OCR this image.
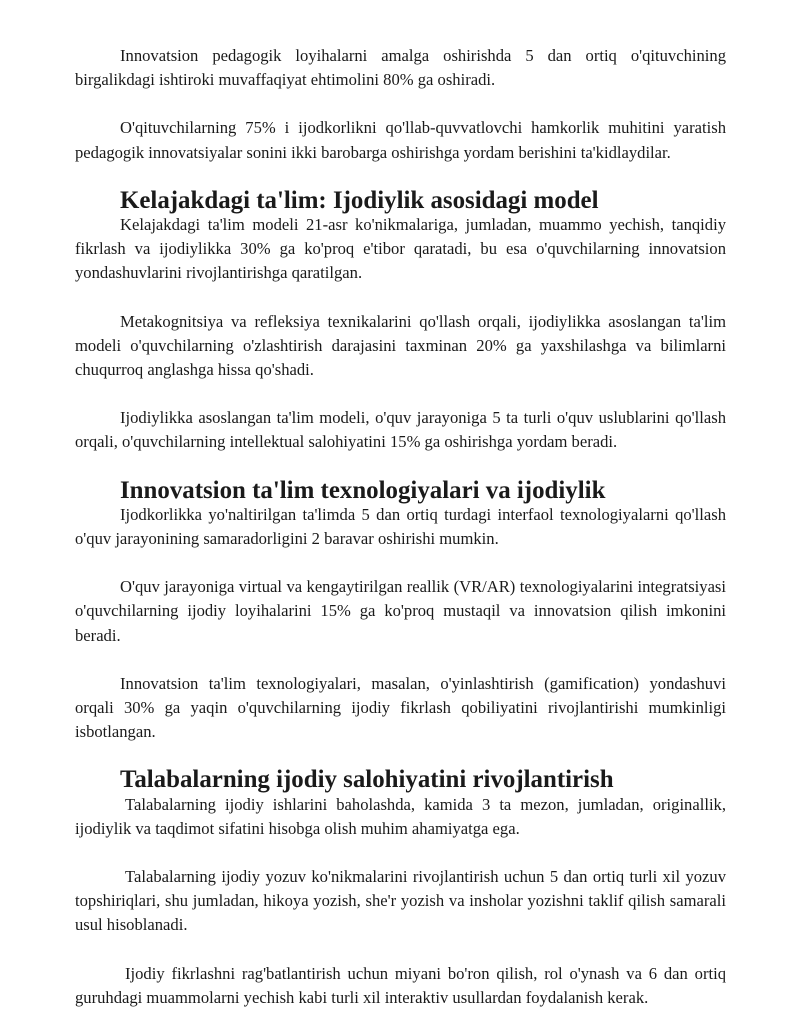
Innovatsion pedagogik loyihalarni amalga oshirishda 5 dan ortiq o'qituvchining birgalikdagi ishtiroki muvaffaqiyat ehtimolini 80% ga oshiradi.

O'qituvchilarning 75% i ijodkorlikni qo'llab-quvvatlovchi hamkorlik muhitini yaratish pedagogik innovatsiyalar sonini ikki barobarga oshirishga yordam berishini ta'kidlaydilar.

Kelajakdagi ta'lim: Ijodiylik asosidagi model

Kelajakdagi ta'lim modeli 21-asr ko'nikmalariga, jumladan, muammo yechish, tanqidiy fikrlash va ijodiylikka 30% ga ko'proq e'tibor qaratadi, bu esa o'quvchilarning innovatsion yondashuvlarini rivojlantirishga qaratilgan.

Metakognitsiya va refleksiya texnikalarini qo'llash orqali, ijodiylikka asoslangan ta'lim modeli o'quvchilarning o'zlashtirish darajasini taxminan 20% ga yaxshilashga va bilimlarni chuqurroq anglashga hissa qo'shadi.

Ijodiylikka asoslangan ta'lim modeli, o'quv jarayoniga 5 ta turli o'quv uslublarini qo'llash orqali, o'quvchilarning intellektual salohiyatini 15% ga oshirishga yordam beradi.

Innovatsion ta'lim texnologiyalari va ijodiylik

Ijodkorlikka yo'naltirilgan ta'limda 5 dan ortiq turdagi interfaol texnologiyalarni qo'llash o'quv jarayonining samaradorligini 2 baravar oshirishi mumkin.

O'quv jarayoniga virtual va kengaytirilgan reallik (VR/AR) texnologiyalarini integratsiyasi o'quvchilarning ijodiy loyihalarini 15% ga ko'proq mustaqil va innovatsion qilish imkonini beradi.

Innovatsion ta'lim texnologiyalari, masalan, o'yinlashtirish (gamification) yondashuvi orqali 30% ga yaqin o'quvchilarning ijodiy fikrlash qobiliyatini rivojlantirishi mumkinligi isbotlangan.

Talabalarning ijodiy salohiyatini rivojlantirish

Talabalarning ijodiy ishlarini baholashda, kamida 3 ta mezon, jumladan, originallik, ijodiylik va taqdimot sifatini hisobga olish muhim ahamiyatga ega.

Talabalarning ijodiy yozuv ko'nikmalarini rivojlantirish uchun 5 dan ortiq turli xil yozuv topshiriqlari, shu jumladan, hikoya yozish, she'r yozish va insholar yozishni taklif qilish samarali usul hisoblanadi.

Ijodiy fikrlashni rag'batlantirish uchun miyani bo'ron qilish, rol o'ynash va 6 dan ortiq guruhdagi muammolarni yechish kabi turli xil interaktiv usullardan foydalanish kerak.
